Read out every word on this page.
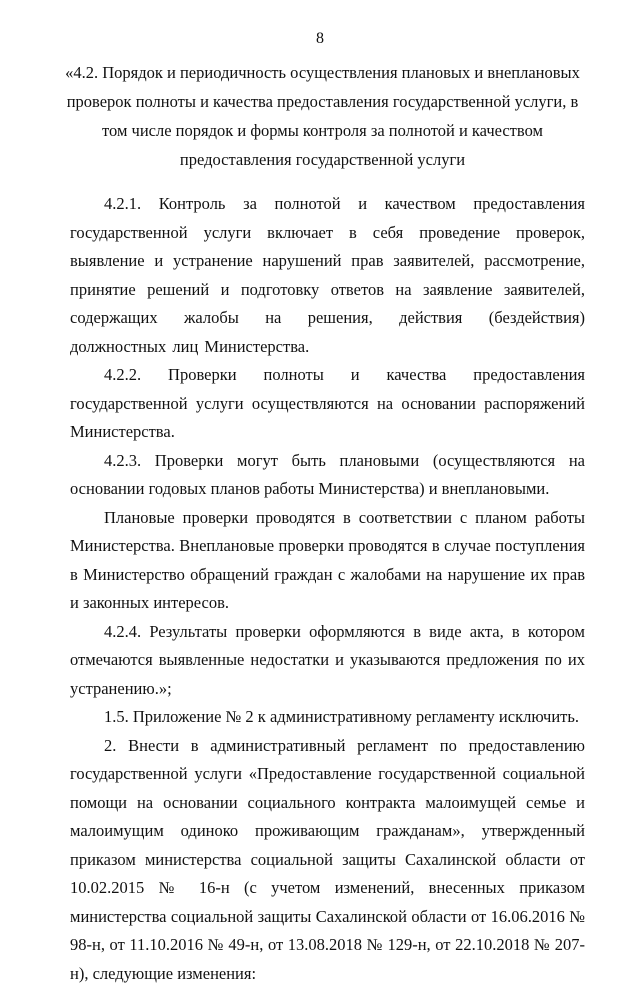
8
«4.2. Порядок и периодичность осуществления плановых и внеплановых проверок полноты и качества предоставления государственной услуги, в том числе порядок и формы контроля за полнотой и качеством предоставления государственной услуги

4.2.1. Контроль за полнотой и качеством предоставления государственной услуги включает в себя проведение проверок, выявление и устранение нарушений прав заявителей, рассмотрение, принятие решений и подготовку ответов на заявление заявителей, содержащих жалобы на решения, действия (бездействия) должностных лиц Министерства.

4.2.2. Проверки полноты и качества предоставления государственной услуги осуществляются на основании распоряжений Министерства.

4.2.3. Проверки могут быть плановыми (осуществляются на основании годовых планов работы Министерства) и внеплановыми.

Плановые проверки проводятся в соответствии с планом работы Министерства. Внеплановые проверки проводятся в случае поступления в Министерство обращений граждан с жалобами на нарушение их прав и законных интересов.

4.2.4. Результаты проверки оформляются в виде акта, в котором отмечаются выявленные недостатки и указываются предложения по их устранению.»;

1.5. Приложение № 2 к административному регламенту исключить.

2. Внести в административный регламент по предоставлению государственной услуги «Предоставление государственной социальной помощи на основании социального контракта малоимущей семье и малоимущим одиноко проживающим гражданам», утвержденный приказом министерства социальной защиты Сахалинской области от 10.02.2015 № 16-н (с учетом изменений, внесенных приказом министерства социальной защиты Сахалинской области от 16.06.2016 № 98-н, от 11.10.2016 № 49-н, от 13.08.2018 № 129-н, от 22.10.2018 № 207-н), следующие изменения:
